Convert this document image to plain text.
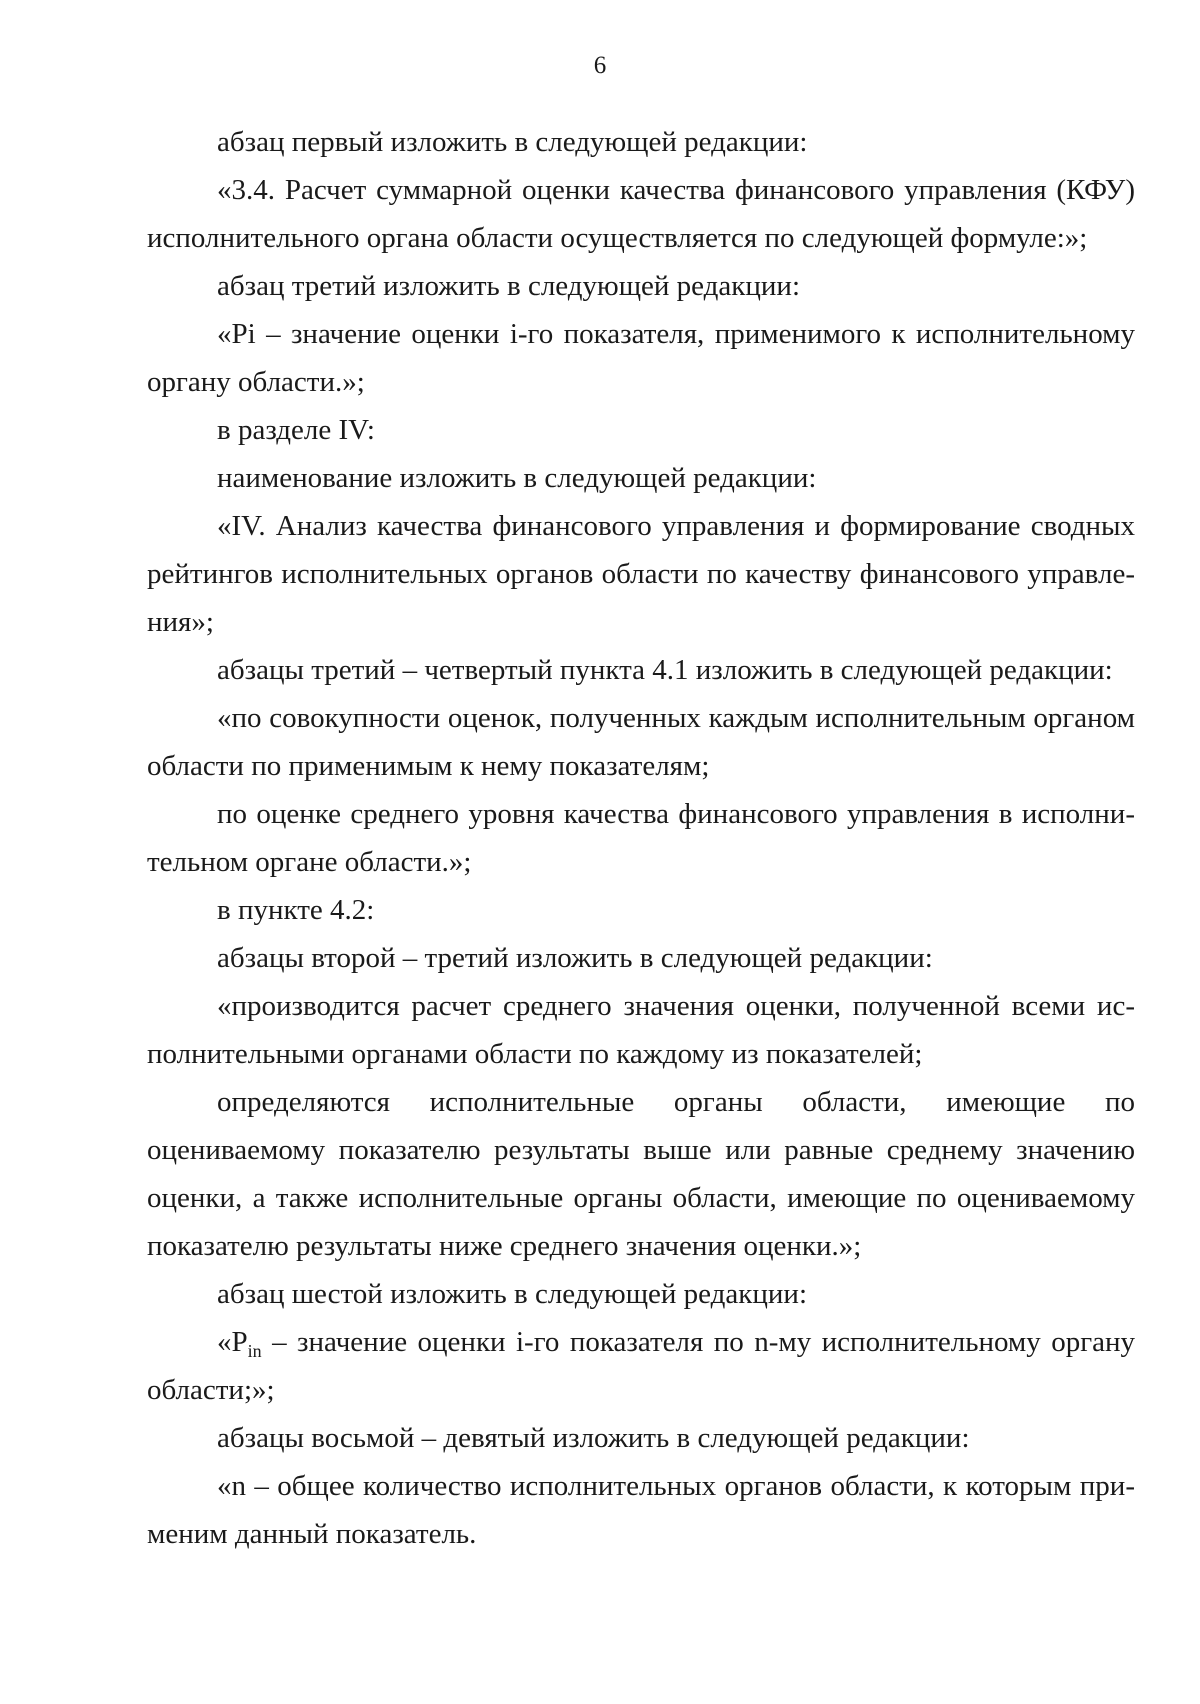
6

абзац первый изложить в следующей редакции:

«3.4. Расчет суммарной оценки качества финансового управления (КФУ) исполнительного органа области осуществляется по следующей формуле:»;

абзац третий изложить в следующей редакции:

«Pi – значение оценки i-го показателя, применимого к исполнительному органу области.»;

в разделе IV:

наименование изложить в следующей редакции:

«IV. Анализ качества финансового управления и формирование сводных рейтингов исполнительных органов области по качеству финансового управления»;

абзацы третий – четвертый пункта 4.1 изложить в следующей редакции:

«по совокупности оценок, полученных каждым исполнительным органом области по применимым к нему показателям;

по оценке среднего уровня качества финансового управления в исполнительном органе области.»;

в пункте 4.2:

абзацы второй – третий изложить в следующей редакции:

«производится расчет среднего значения оценки, полученной всеми исполнительными органами области по каждому из показателей;

определяются исполнительные органы области, имеющие по оцениваемому показателю результаты выше или равные среднему значению оценки, а также исполнительные органы области, имеющие по оцениваемому показателю результаты ниже среднего значения оценки.»;

абзац шестой изложить в следующей редакции:

«$P_{in}$ – значение оценки i-го показателя по n-му исполнительному органу области;»;

абзацы восьмой – девятый изложить в следующей редакции:

«n – общее количество исполнительных органов области, к которым применим данный показатель.
